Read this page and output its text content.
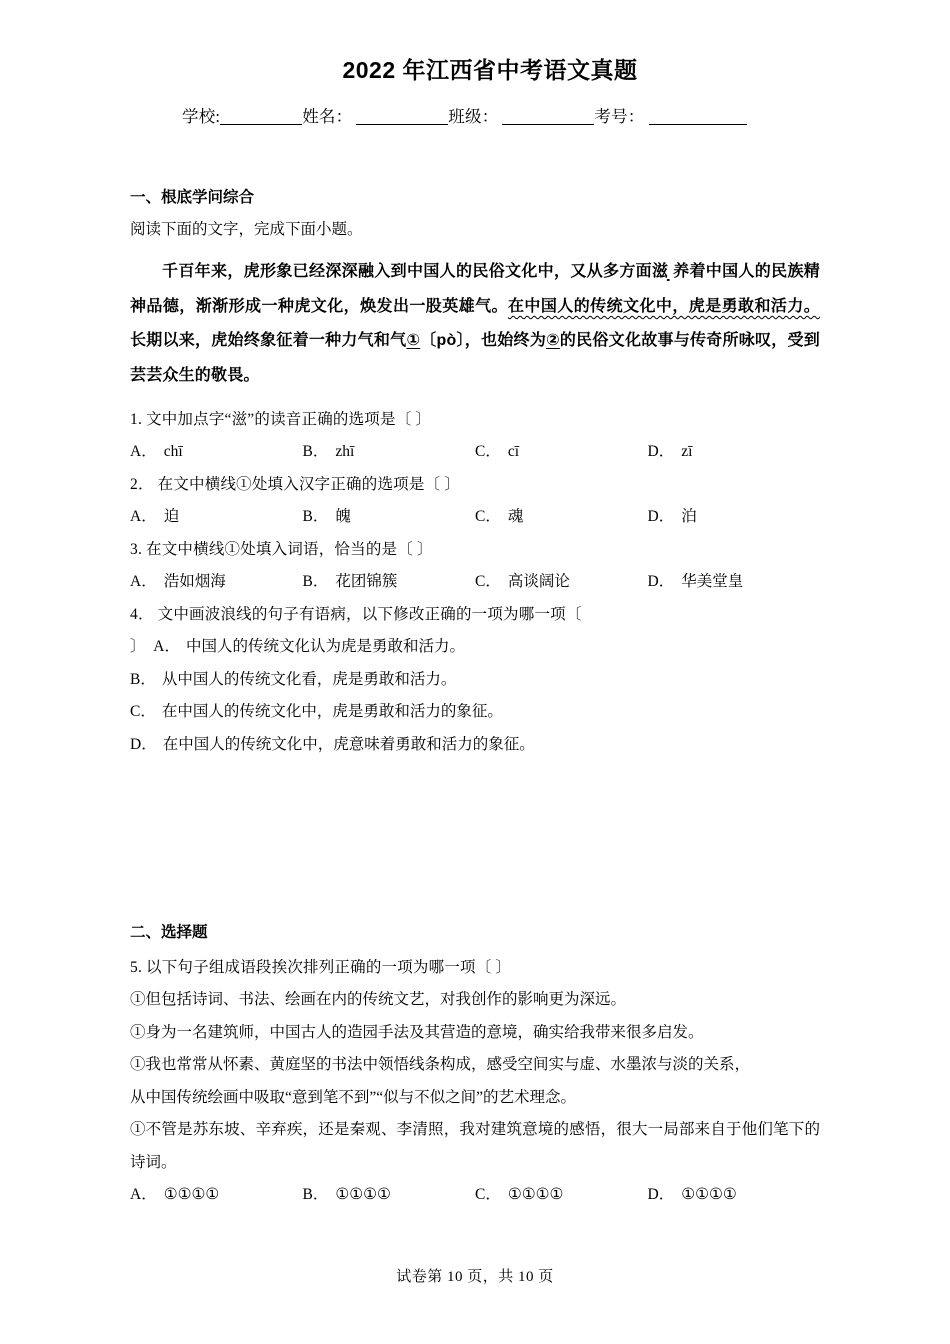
2022 年江西省中考语文真题
学校:	姓名：	班级：	考号：
一、根底学问综合
阅读下面的文字，完成下面小题。

千百年来，虎形象已经深深融入到中国人的民俗文化中，又从多方面滋 养着中国人的民族精神品德，渐渐形成一种虎文化，焕发出一股英雄气。在中国人的传统文化中，虎是勇敢和活力。长期以来，虎始终象征着一种力气和气①〔pò〕，也始终为②的民俗文化故事与传奇所咏叹，受到芸芸众生的敬畏。

1. 文中加点字“滋”的读音正确的选项是〔 〕
A． chī	B． zhī	C． cī	D． zī
2． 在文中横线①处填入汉字正确的选项是〔 〕
A． 迫	B． 魄	C． 魂	D． 泊
3. 在文中横线①处填入词语，恰当的是〔 〕
A． 浩如烟海	B． 花团锦簇	C． 高谈阔论	D． 华美堂皇
4． 文中画波浪线的句子有语病，以下修改正确的一项为哪一项〔
〕 A． 中国人的传统文化认为虎是勇敢和活力。
B． 从中国人的传统文化看，虎是勇敢和活力。
C． 在中国人的传统文化中，虎是勇敢和活力的象征。
D． 在中国人的传统文化中，虎意味着勇敢和活力的象征。
二、选择题
5. 以下句子组成语段挨次排列正确的一项为哪一项〔 〕
①但包括诗词、书法、绘画在内的传统文艺，对我创作的影响更为深远。
①身为一名建筑师，中国古人的造园手法及其营造的意境，确实给我带来很多启发。
①我也常常从怀素、黄庭坚的书法中领悟线条构成，感受空间实与虚、水墨浓与淡的关系，
从中国传统绘画中吸取“意到笔不到”“似与不似之间”的艺术理念。
①不管是苏东坡、辛弃疾，还是秦观、李清照，我对建筑意境的感悟，很大一局部来自于他们笔下的诗词。
A． ①①①①	B． ①①①①	C． ①①①①	D． ①①①①
试卷第 10 页，共 10 页
